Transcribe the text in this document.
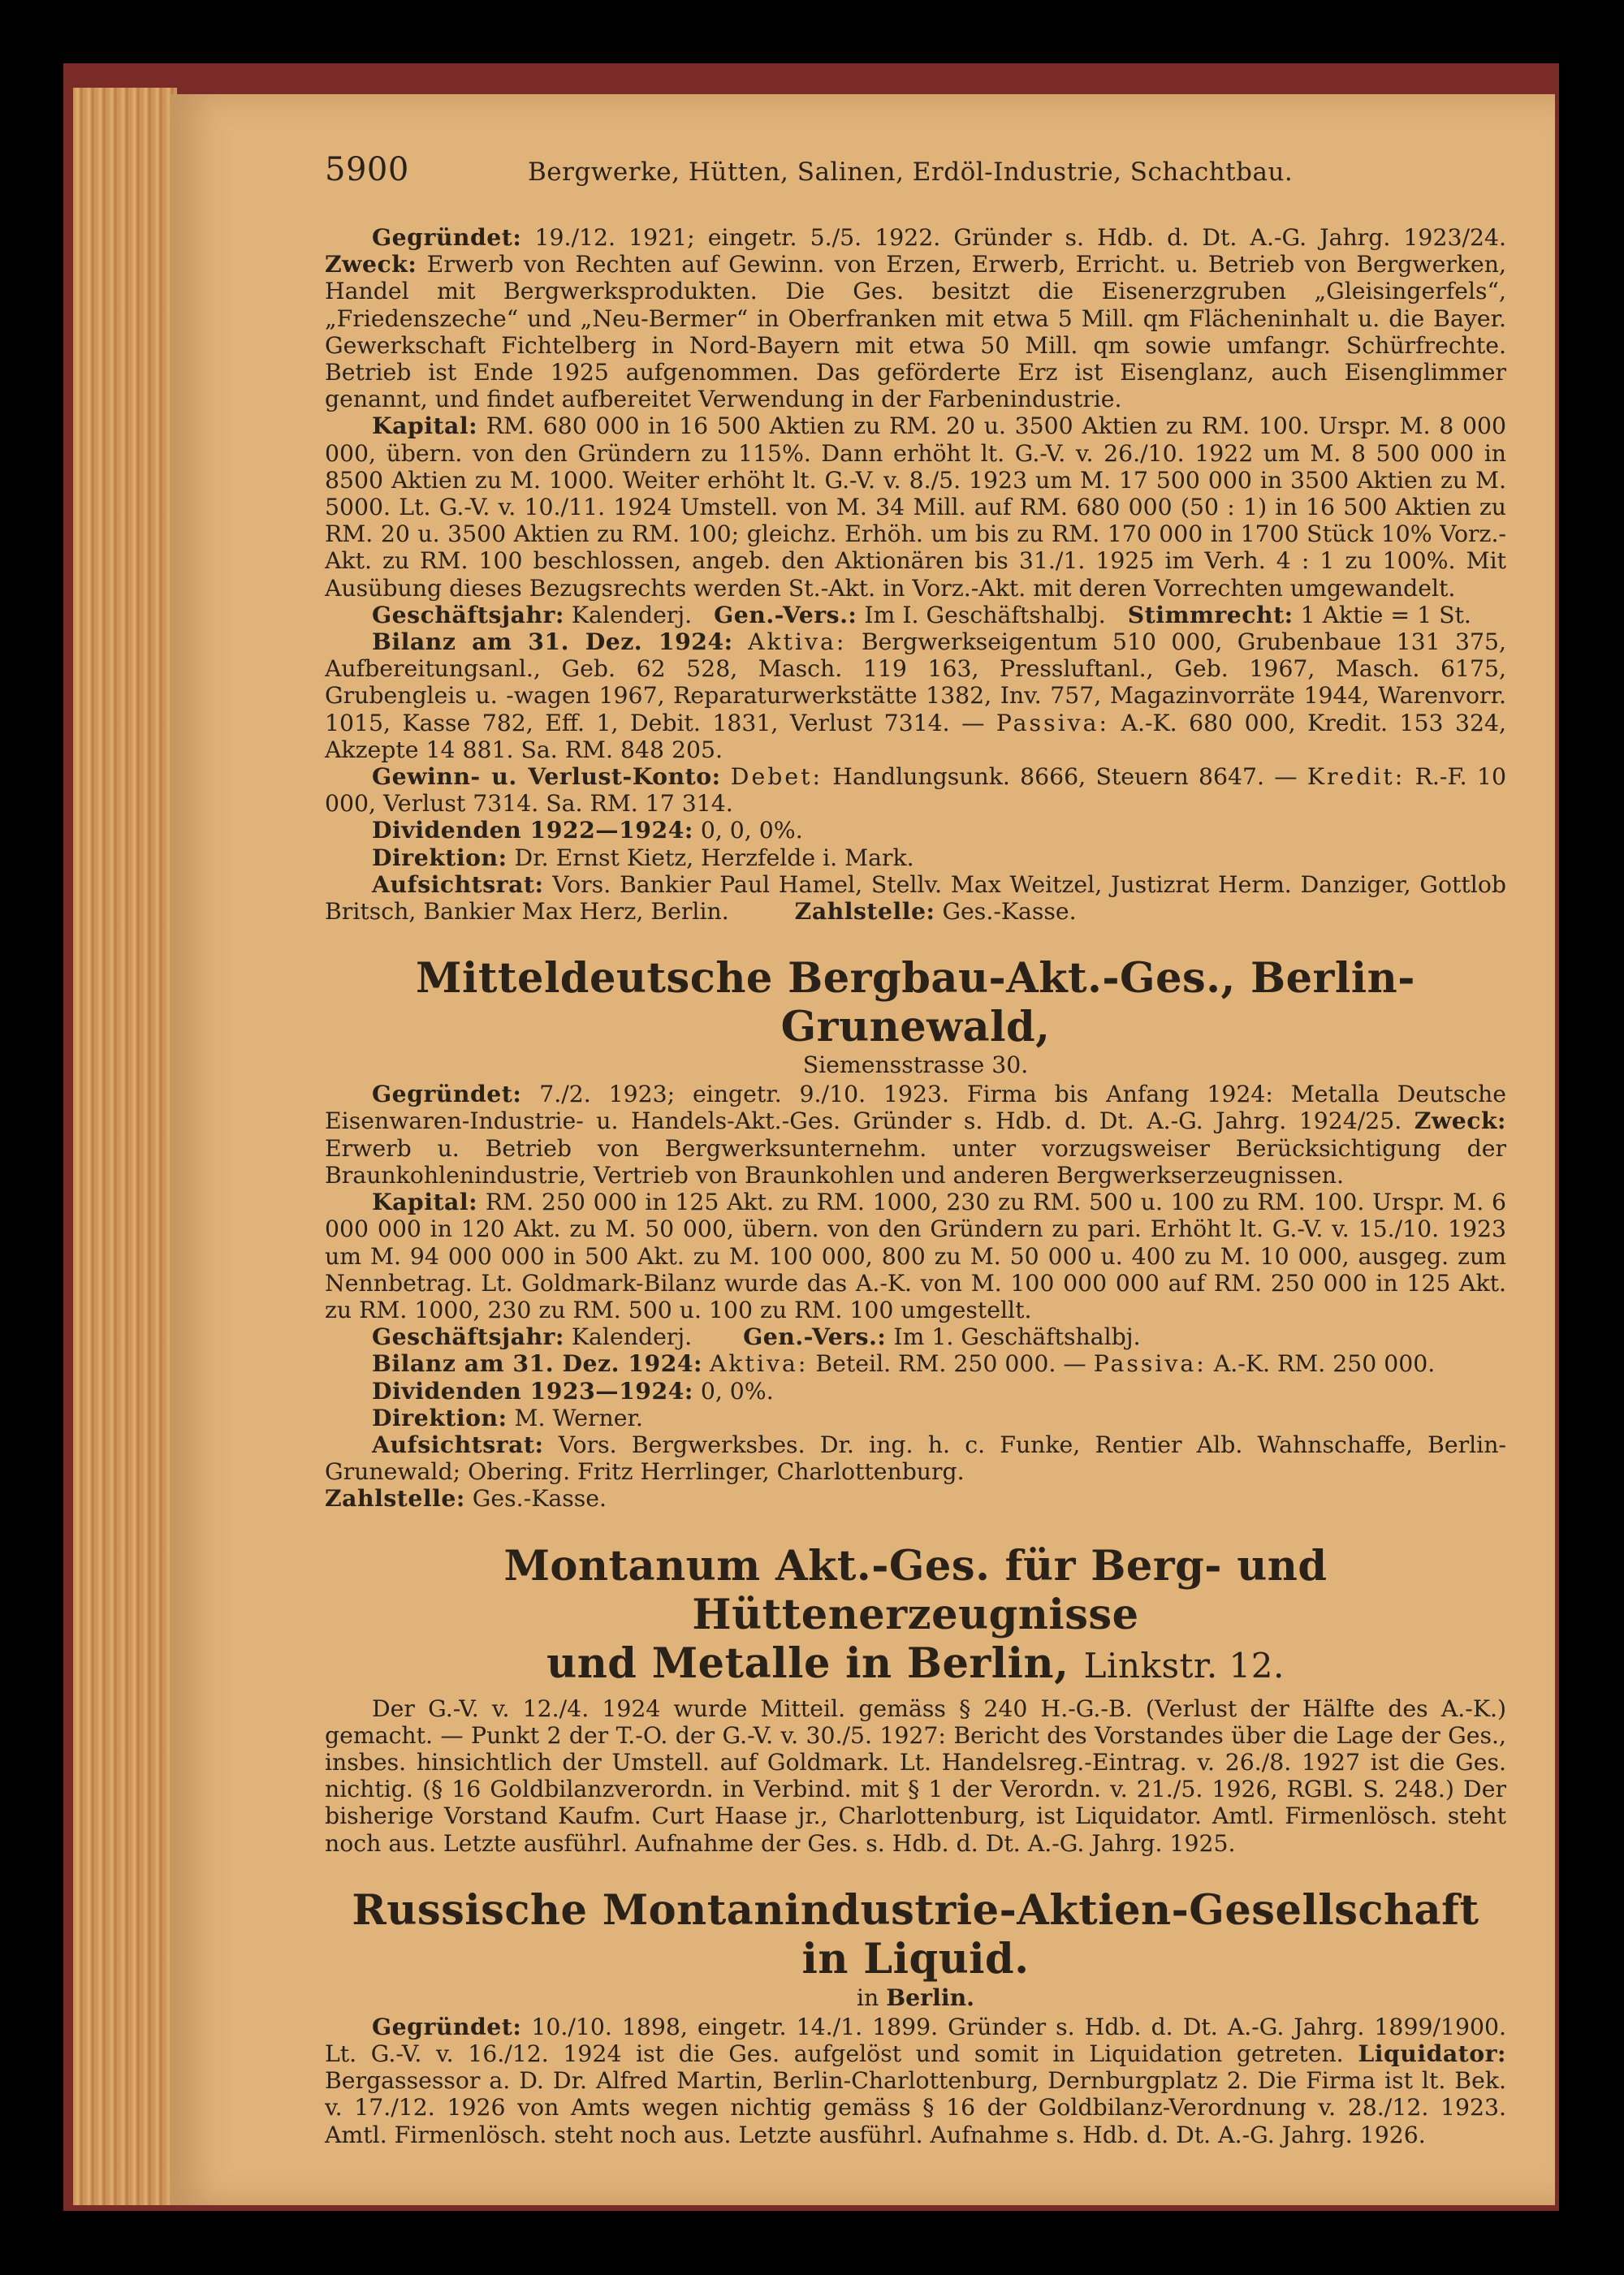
5900	Bergwerke, Hütten, Salinen, Erdöl-Industrie, Schachtbau.

Gegründet: 19./12. 1921; eingetr. 5./5. 1922. Gründer s. Hdb. d. Dt. A.-G. Jahrg. 1923/24. Zweck: Erwerb von Rechten auf Gewinn. von Erzen, Erwerb, Erricht. u. Betrieb von Bergwerken, Handel mit Bergwerksprodukten. Die Ges. besitzt die Eisenerzgruben „Gleisingerfels“, „Friedenszeche“ und „Neu-Bermer“ in Oberfranken mit etwa 5 Mill. qm Flächeninhalt u. die Bayer. Gewerkschaft Fichtelberg in Nord-Bayern mit etwa 50 Mill. qm sowie umfangr. Schürfrechte. Betrieb ist Ende 1925 aufgenommen. Das geförderte Erz ist Eisenglanz, auch Eisenglimmer genannt, und findet aufbereitet Verwendung in der Farbenindustrie.

Kapital: RM. 680 000 in 16 500 Aktien zu RM. 20 u. 3500 Aktien zu RM. 100. Urspr. M. 8 000 000, übern. von den Gründern zu 115%. Dann erhöht lt. G.-V. v. 26./10. 1922 um M. 8 500 000 in 8500 Aktien zu M. 1000. Weiter erhöht lt. G.-V. v. 8./5. 1923 um M. 17 500 000 in 3500 Aktien zu M. 5000. Lt. G.-V. v. 10./11. 1924 Umstell. von M. 34 Mill. auf RM. 680 000 (50 : 1) in 16 500 Aktien zu RM. 20 u. 3500 Aktien zu RM. 100; gleichz. Erhöh. um bis zu RM. 170 000 in 1700 Stück 10% Vorz.-Akt. zu RM. 100 beschlossen, angeb. den Aktionären bis 31./1. 1925 im Verh. 4 : 1 zu 100%. Mit Ausübung dieses Bezugsrechts werden St.-Akt. in Vorz.-Akt. mit deren Vorrechten umgewandelt.

Geschäftsjahr: Kalenderj. Gen.-Vers.: Im I. Geschäftshalbj. Stimmrecht: 1 Aktie = 1 St.

Bilanz am 31. Dez. 1924: Aktiva: Bergwerkseigentum 510 000, Grubenbaue 131 375, Aufbereitungsanl., Geb. 62 528, Masch. 119 163, Pressluftanl., Geb. 1967, Masch. 6175, Grubengleis u. -wagen 1967, Reparaturwerkstätte 1382, Inv. 757, Magazinvorräte 1944, Warenvorr. 1015, Kasse 782, Eff. 1, Debit. 1831, Verlust 7314. — Passiva: A.-K. 680 000, Kredit. 153 324, Akzepte 14 881. Sa. RM. 848 205.

Gewinn- u. Verlust-Konto: Debet: Handlungsunk. 8666, Steuern 8647. — Kredit: R.-F. 10 000, Verlust 7314. Sa. RM. 17 314.

Dividenden 1922—1924: 0, 0, 0%.

Direktion: Dr. Ernst Kietz, Herzfelde i. Mark.

Aufsichtsrat: Vors. Bankier Paul Hamel, Stellv. Max Weitzel, Justizrat Herm. Danziger, Gottlob Britsch, Bankier Max Herz, Berlin.	Zahlstelle: Ges.-Kasse.

Mitteldeutsche Bergbau-Akt.-Ges., Berlin-Grunewald,
Siemensstrasse 30.

Gegründet: 7./2. 1923; eingetr. 9./10. 1923. Firma bis Anfang 1924: Metalla Deutsche Eisenwaren-Industrie- u. Handels-Akt.-Ges. Gründer s. Hdb. d. Dt. A.-G. Jahrg. 1924/25. Zweck: Erwerb u. Betrieb von Bergwerksunternehm. unter vorzugsweiser Berücksichtigung der Braunkohlenindustrie, Vertrieb von Braunkohlen und anderen Bergwerkserzeugnissen.

Kapital: RM. 250 000 in 125 Akt. zu RM. 1000, 230 zu RM. 500 u. 100 zu RM. 100. Urspr. M. 6 000 000 in 120 Akt. zu M. 50 000, übern. von den Gründern zu pari. Erhöht lt. G.-V. v. 15./10. 1923 um M. 94 000 000 in 500 Akt. zu M. 100 000, 800 zu M. 50 000 u. 400 zu M. 10 000, ausgeg. zum Nennbetrag. Lt. Goldmark-Bilanz wurde das A.-K. von M. 100 000 000 auf RM. 250 000 in 125 Akt. zu RM. 1000, 230 zu RM. 500 u. 100 zu RM. 100 umgestellt.

Geschäftsjahr: Kalenderj. Gen.-Vers.: Im 1. Geschäftshalbj.

Bilanz am 31. Dez. 1924: Aktiva: Beteil. RM. 250 000. — Passiva: A.-K. RM. 250 000.

Dividenden 1923—1924: 0, 0%.

Direktion: M. Werner.

Aufsichtsrat: Vors. Bergwerksbes. Dr. ing. h. c. Funke, Rentier Alb. Wahnschaffe, Berlin-Grunewald; Obering. Fritz Herrlinger, Charlottenburg.

Zahlstelle: Ges.-Kasse.

Montanum Akt.-Ges. für Berg- und Hüttenerzeugnisse
und Metalle in Berlin, Linkstr. 12.

Der G.-V. v. 12./4. 1924 wurde Mitteil. gemäss § 240 H.-G.-B. (Verlust der Hälfte des A.-K.) gemacht. — Punkt 2 der T.-O. der G.-V. v. 30./5. 1927: Bericht des Vorstandes über die Lage der Ges., insbes. hinsichtlich der Umstell. auf Goldmark. Lt. Handelsreg.-Eintrag. v. 26./8. 1927 ist die Ges. nichtig. (§ 16 Goldbilanzverordn. in Verbind. mit § 1 der Verordn. v. 21./5. 1926, RGBl. S. 248.) Der bisherige Vorstand Kaufm. Curt Haase jr., Charlottenburg, ist Liquidator. Amtl. Firmenlösch. steht noch aus. Letzte ausführl. Aufnahme der Ges. s. Hdb. d. Dt. A.-G. Jahrg. 1925.

Russische Montanindustrie-Aktien-Gesellschaft in Liquid.
in Berlin.

Gegründet: 10./10. 1898, eingetr. 14./1. 1899. Gründer s. Hdb. d. Dt. A.-G. Jahrg. 1899/1900. Lt. G.-V. v. 16./12. 1924 ist die Ges. aufgelöst und somit in Liquidation getreten. Liquidator: Bergassessor a. D. Dr. Alfred Martin, Berlin-Charlottenburg, Dernburgplatz 2. Die Firma ist lt. Bek. v. 17./12. 1926 von Amts wegen nichtig gemäss § 16 der Goldbilanz-Verordnung v. 28./12. 1923. Amtl. Firmenlösch. steht noch aus. Letzte ausführl. Aufnahme s. Hdb. d. Dt. A.-G. Jahrg. 1926.
